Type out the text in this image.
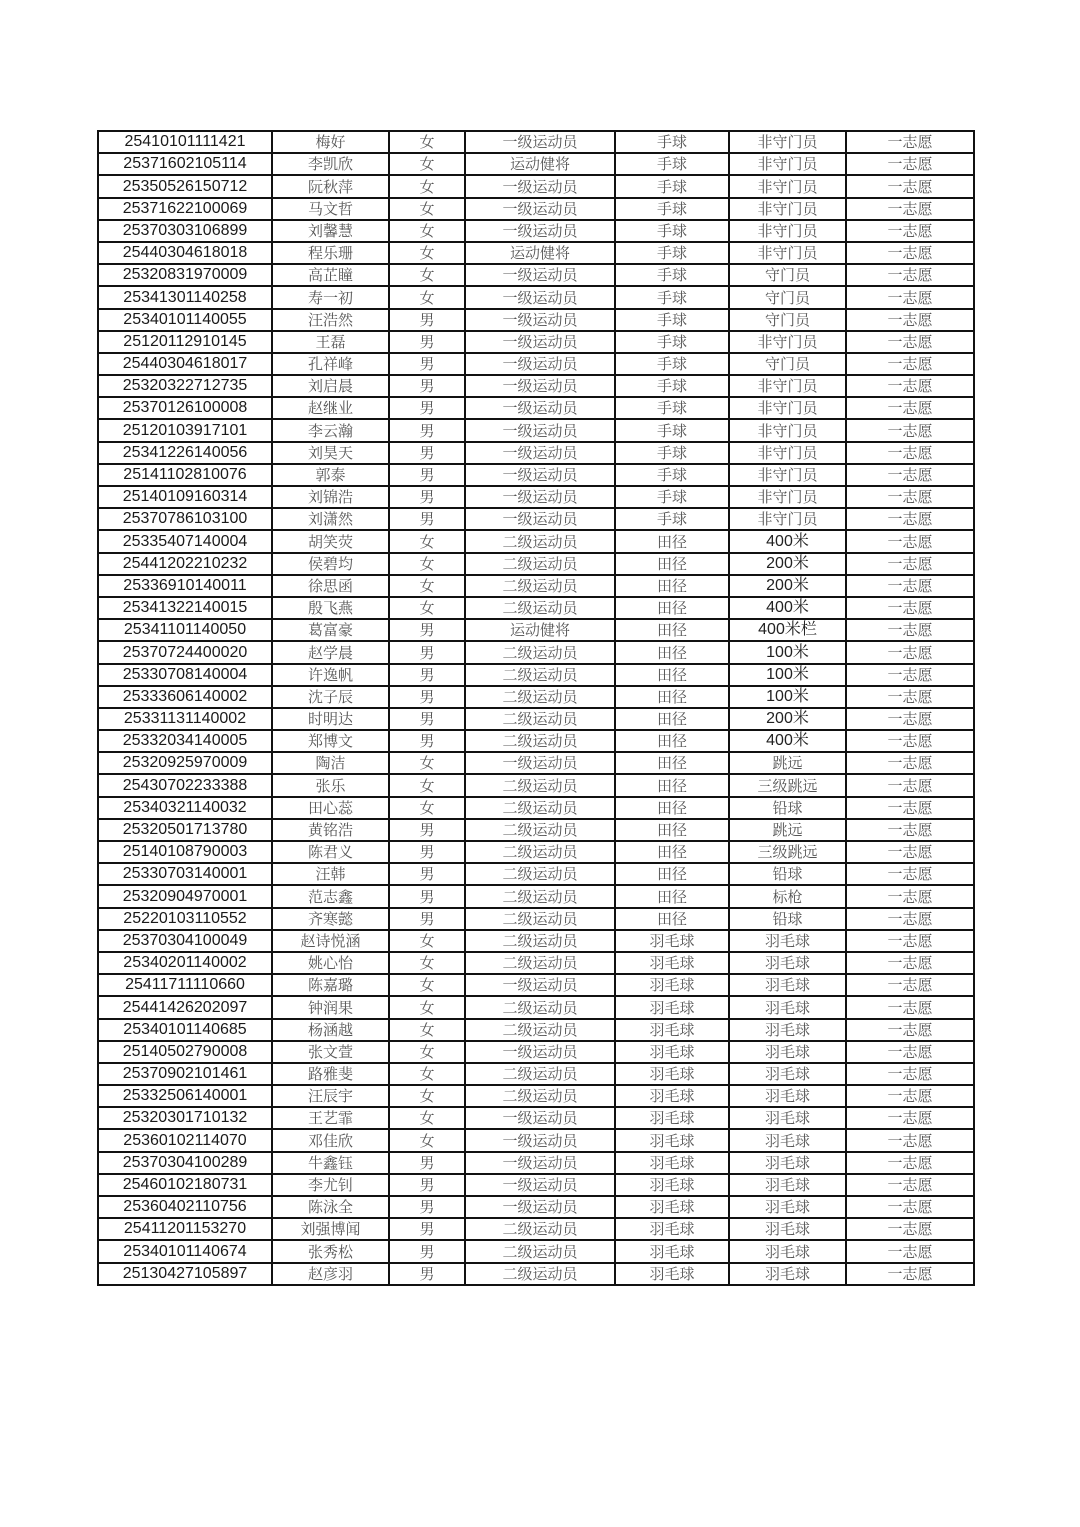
25410101111421	梅好	女	一级运动员	手球	非守门员	一志愿
25371602105114	李凯欣	女	运动健将	手球	非守门员	一志愿
25350526150712	阮秋萍	女	一级运动员	手球	非守门员	一志愿
25371622100069	马文哲	女	一级运动员	手球	非守门员	一志愿
25370303106899	刘馨慧	女	一级运动员	手球	非守门员	一志愿
25440304618018	程乐珊	女	运动健将	手球	非守门员	一志愿
25320831970009	高芷瞳	女	一级运动员	手球	守门员	一志愿
25341301140258	寿一初	女	一级运动员	手球	守门员	一志愿
25340101140055	汪浩然	男	一级运动员	手球	守门员	一志愿
25120112910145	王磊	男	一级运动员	手球	非守门员	一志愿
25440304618017	孔祥峰	男	一级运动员	手球	守门员	一志愿
25320322712735	刘启晨	男	一级运动员	手球	非守门员	一志愿
25370126100008	赵继业	男	一级运动员	手球	非守门员	一志愿
25120103917101	李云瀚	男	一级运动员	手球	非守门员	一志愿
25341226140056	刘昊天	男	一级运动员	手球	非守门员	一志愿
25141102810076	郭泰	男	一级运动员	手球	非守门员	一志愿
25140109160314	刘锦浩	男	一级运动员	手球	非守门员	一志愿
25370786103100	刘潇然	男	一级运动员	手球	非守门员	一志愿
25335407140004	胡笑荧	女	二级运动员	田径	400米	一志愿
25441202210232	侯碧均	女	二级运动员	田径	200米	一志愿
25336910140011	徐思函	女	二级运动员	田径	200米	一志愿
25341322140015	殷飞燕	女	二级运动员	田径	400米	一志愿
25341101140050	葛富豪	男	运动健将	田径	400米栏	一志愿
25370724400020	赵学晨	男	二级运动员	田径	100米	一志愿
25330708140004	许逸帆	男	二级运动员	田径	100米	一志愿
25333606140002	沈子辰	男	二级运动员	田径	100米	一志愿
25331131140002	时明达	男	二级运动员	田径	200米	一志愿
25332034140005	郑博文	男	二级运动员	田径	400米	一志愿
25320925970009	陶洁	女	一级运动员	田径	跳远	一志愿
25430702233388	张乐	女	二级运动员	田径	三级跳远	一志愿
25340321140032	田心蕊	女	二级运动员	田径	铅球	一志愿
25320501713780	黄铭浩	男	二级运动员	田径	跳远	一志愿
25140108790003	陈君义	男	二级运动员	田径	三级跳远	一志愿
25330703140001	汪韩	男	二级运动员	田径	铅球	一志愿
25320904970001	范志鑫	男	二级运动员	田径	标枪	一志愿
25220103110552	齐寒懿	男	二级运动员	田径	铅球	一志愿
25370304100049	赵诗悦涵	女	二级运动员	羽毛球	羽毛球	一志愿
25340201140002	姚心怡	女	二级运动员	羽毛球	羽毛球	一志愿
25411711110660	陈嘉璐	女	一级运动员	羽毛球	羽毛球	一志愿
25441426202097	钟润果	女	二级运动员	羽毛球	羽毛球	一志愿
25340101140685	杨涵越	女	二级运动员	羽毛球	羽毛球	一志愿
25140502790008	张文萱	女	一级运动员	羽毛球	羽毛球	一志愿
25370902101461	路雅斐	女	二级运动员	羽毛球	羽毛球	一志愿
25332506140001	汪辰宇	女	二级运动员	羽毛球	羽毛球	一志愿
25320301710132	王艺霏	女	一级运动员	羽毛球	羽毛球	一志愿
25360102114070	邓佳欣	女	一级运动员	羽毛球	羽毛球	一志愿
25370304100289	牛鑫钰	男	一级运动员	羽毛球	羽毛球	一志愿
25460102180731	李尤钊	男	一级运动员	羽毛球	羽毛球	一志愿
25360402110756	陈泳全	男	一级运动员	羽毛球	羽毛球	一志愿
25411201153270	刘强博闻	男	二级运动员	羽毛球	羽毛球	一志愿
25340101140674	张秀松	男	二级运动员	羽毛球	羽毛球	一志愿
25130427105897	赵彦羽	男	二级运动员	羽毛球	羽毛球	一志愿
